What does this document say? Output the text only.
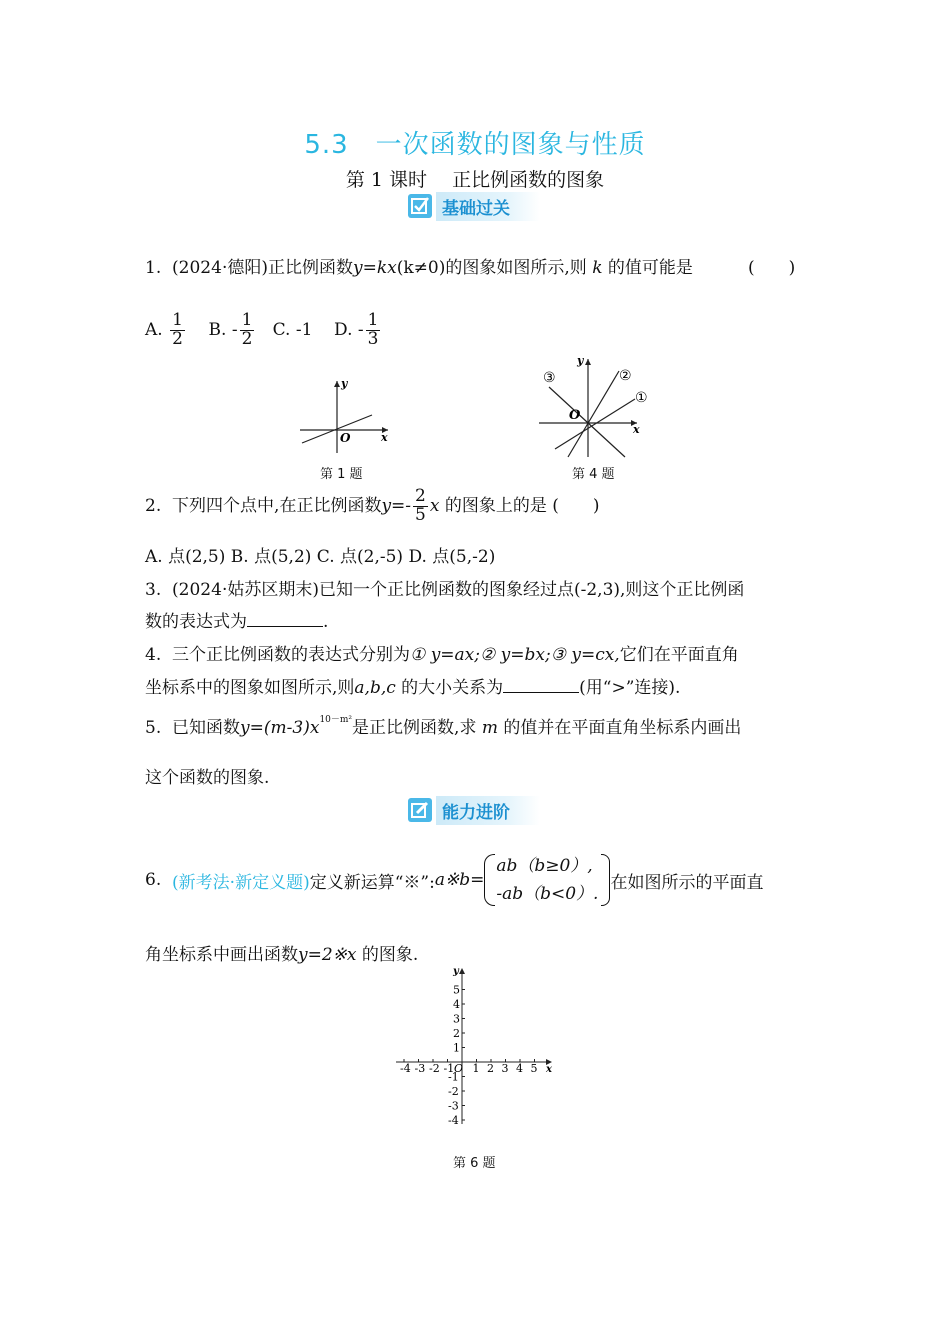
5.3　一次函数的图象与性质
第 1 课时　 正比例函数的图象
基础过关
1. (2024·德阳)正比例函数y=kx(k≠0)的图象如图所示,则 k 的值可能是	(　　)
A. $\frac{1}{2} B$. - $\frac{1}{2} C$. -1 D. - $\frac{1}{3}$
O	x
y
第 1 题
O
x
y
①
②
③
第 4 题
2. 下列四个点中,在正比例函数$y=- \frac{2}{5}$ x 的图象上的是 (　　)
A. 点(2,5) B. 点(5,2) C. 点(2,-5) D. 点(5,-2)
3. (2024·姑苏区期末)已知一个正比例函数的图象经过点(-2,3),则这个正比例函
数的表达式为	.
4. 三个正比例函数的表达式分别为① y=ax;② y=bx;③ y=cx,它们在平面直角
坐标系中的图象如图所示,则a,b,c 的大小关系为	(用“>”连接).
5. 已知函数$y=(m-3)x^{10-m^2}$是正比例函数,求 m 的值并在平面直角坐标系内画出
这个函数的图象.
能力进阶
6.
(新考法·新定义题) 定义新运算“※”: a※b=
ab（b≥0）,
-ab（b<0）.
在如图所示的平面直
角坐标系中画出函数y=2※x 的图象.
-4 -3 -2 -1 1 2 3 4 5
5
4
3
2
1
-1
-2
-3
-4
O	x
y
第 6 题
